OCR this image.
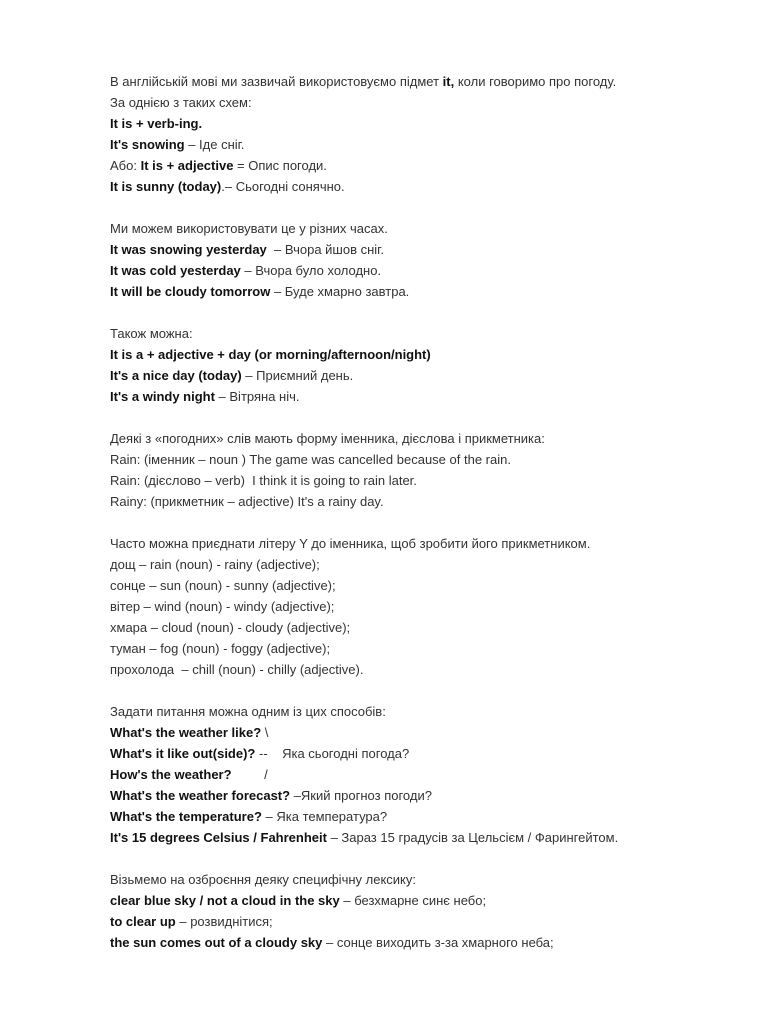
В англійській мові ми зазвичай використовуємо підмет it, коли говоримо про погоду.
За однією з таких схем:
It is + verb-ing.
It's snowing – Іде сніг.
Або: It is + adjective = Опис погоди.
It is sunny (today).– Сьогодні сонячно.
Ми можем використовувати це у різних часах.
It was snowing yesterday  – Вчора йшов сніг.
It was cold yesterday – Вчора було холодно.
It will be cloudy tomorrow – Буде хмарно завтра.
Також можна:
It is a + adjective + day (or morning/afternoon/night)
It's a nice day (today) – Приємний день.
It's a windy night – Вітряна ніч.
Деякі з «погодних» слів мають форму іменника, дієслова і прикметника:
Rain: (іменник – noun ) The game was cancelled because of the rain.
Rain: (дієслово – verb)  I think it is going to rain later.
Rainy: (прикметник – adjective) It's a rainy day.
Часто можна приєднати літеру Y до іменника, щоб зробити його прикметником.
дощ – rain (noun) - rainy (adjective);
сонце – sun (noun) - sunny (adjective);
вітер – wind (noun) - windy (adjective);
хмара – cloud (noun) - cloudy (adjective);
туман – fog (noun) - foggy (adjective);
прохолода  – chill (noun) - chilly (adjective).
Задати питання можна одним із цих способів:
What's the weather like? \
What's it like out(side)? --    Яка сьогодні погода?
How's the weather?         /
What's the weather forecast? –Який прогноз погоди?
What's the temperature? – Яка температура?
It's 15 degrees Celsius / Fahrenheit – Зараз 15 градусів за Цельсієм / Фарингейтом.
Візьмемо на озброєння деяку специфічну лексику:
clear blue sky / not a cloud in the sky – безхмарне синє небо;
to clear up – розвиднітися;
the sun comes out of a cloudy sky – сонце виходить з-за хмарного неба;
